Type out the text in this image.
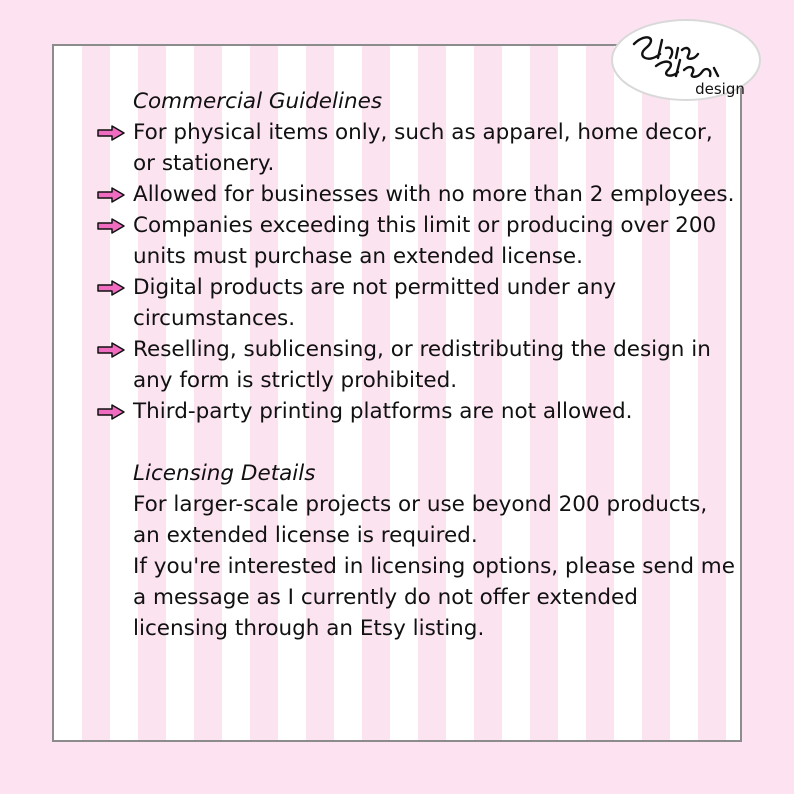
design
Commercial Guidelines
For physical items only, such as apparel, home decor, or stationery.
Allowed for businesses with no more than 2 employees.
Companies exceeding this limit or producing over 200 units must purchase an extended license.
Digital products are not permitted under any circumstances.
Reselling, sublicensing, or redistributing the design in any form is strictly prohibited.
Third-party printing platforms are not allowed.
Licensing Details
For larger-scale projects or use beyond 200 products, an extended license is required.
If you're interested in licensing options, please send me a message as I currently do not offer extended licensing through an Etsy listing.
